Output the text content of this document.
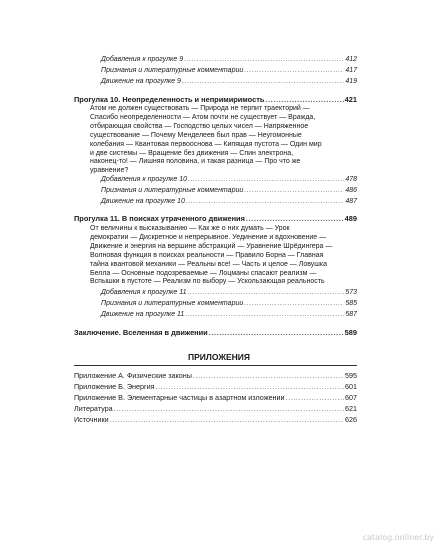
Добавления к прогулке 9 .....	412
Признания и литературные комментарии .....	417
Движение на прогулке 9 .....	419
Прогулка 10. Неопределенность и непримиримость .....	421
Атом не должен существовать — Природа не терпит траекторий —
Спасибо неопределенности — Атом почти не существует — Вражда,
отбирающая свойства — Господство целых чисел — Напряженное
существование — Почему Менделеев был прав — Неугомонные
колебания — Квантовая первооснова — Кипящая пустота — Один мир
и две системы — Вращение без движения — Спин электрона,
наконец-то! — Лишняя половина, и такая разница — Про что же
уравнение?
Добавления к прогулке 10 .....	478
Признания и литературные комментарии .....	486
Движение на прогулке 10 .....	487
Прогулка 11. В поисках утраченного движения .....	489
От величины к высказыванию — Как же о них думать — Урок
демократии — Дискретное и непрерывное. Уединение и вдохновение —
Движение и энергия на вершине абстракций — Уравнение Шрёдингера —
Волновая функция в поисках реальности — Правило Борна — Главная
тайна квантовой механики — Реальны все! — Часть и целое — Ловушка
Белла — Основные подозреваемые — Лоцманы спасают реализм —
Вспышки в пустоте — Реализм по выбору — Ускользающая реальность
Добавления к прогулке 11 .....	573
Признания и литературные комментарии .....	585
Движение на прогулке 11 .....	587
Заключение. Вселенная в движении .....	589
ПРИЛОЖЕНИЯ
Приложение А. Физические законы .....	595
Приложение Б. Энергия .....	601
Приложение В. Элементарные частицы в азартном изложении .....	607
Литература .....	621
Источники .....	626
catalog.onliner.by
